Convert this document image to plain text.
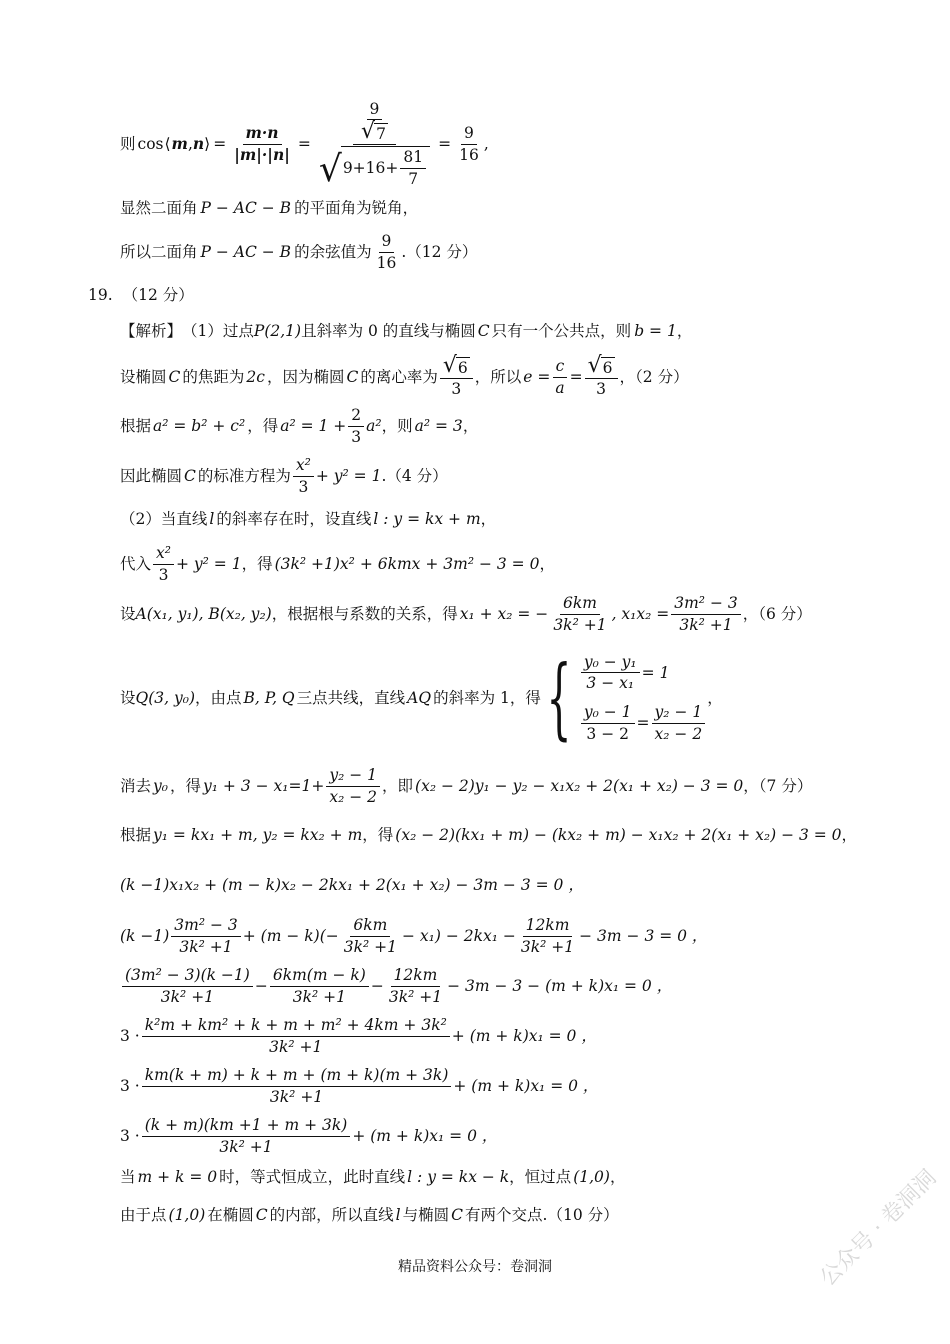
则 cos ⟨ m , n ⟩ = $\frac{m\cdot n}{|m|\cdot|n|} = \frac{\frac{9}{√ 7}}{√ 9+16+ \frac{81}{7}} = \frac{9}{16}$ ,
显然二面角 P − AC − B 的平面角为锐角，
所以二面角 P − AC − B 的余弦值为 $\frac{9}{16} .(12$ 分）
19. （12 分）
【解析】 （1）过点 P(2,1) 且斜率为 0 的直线与椭圆 C 只有一个公共点，则 b = 1 ，
设椭圆 C 的焦距为 2c ，因为椭圆 C 的离心率为 $\frac{√ 6}{3}$ ，所以 $e = \frac{c}{a} = \frac{√ 6}{3}$ ，（2 分）
根据 a² = b² + c² ，得 $a^2 = 1 + \frac{2}{3} a^2$ ，则 a² = 3 ，
因此椭圆 C 的标准方程为 $\frac{\text{x²}}{3} + y^2 = 1$ .（4 分）
（2）当直线 l 的斜率存在时，设直线 l : y = kx + m ，
代入 $\frac{\text{x²}}{3} + y^2 = 1$ ，得 (3k² +1)x² + 6kmx + 3m² − 3 = 0 ，
设 A(x₁, y₁), B(x₂, y₂) ，根据根与系数的关系，得 x₁ + x₂ = − $\frac{6km}{\text{3k² +1}}$ , $x_1x_2 = \frac{\text{3m² − 3}}{\text{3k² +1}}$ ，（6 分）
设 Q(3, y₀) ，由点 B, P, Q 三点共线，直线 AQ 的斜率为 1，得 { $\frac{\text{y₀ − y₁}}{\text{3 − x₁}} = 1$
$\frac{\text{y₀ − 1}}{3 - 2} = \frac{\text{y₂ − 1}}{\text{x₂ − 2}}$
，
消去 y₀ ，得 $y_1 + 3 - x_1=1+ \frac{\text{y₂ − 1}}{\text{x₂ − 2}}$ ，即 (x₂ − 2)y₁ − y₂ − x₁x₂ + 2(x₁ + x₂) − 3 = 0 ，（7 分）
根据 y₁ = kx₁ + m, y₂ = kx₂ + m ，得 (x₂ − 2)(kx₁ + m) − (kx₂ + m) − x₁x₂ + 2(x₁ + x₂) − 3 = 0 ，
(k −1)x₁x₂ + (m − k)x₂ − 2kx₁ + 2(x₁ + x₂) − 3m − 3 = 0 ，
$(k -1) \frac{\text{3m² − 3}}{\text{3k² +1}} + (m - k)(- \frac{6km}{\text{3k² +1}} - x_1) - 2kx_1 - \frac{12km}{\text{3k² +1}} - 3m - 3 = 0$ ，
$\frac{\text{(3m² − 3)(k −1)}}{\text{3k² +1}} - \frac{6km(m - k)}{\text{3k² +1}} - \frac{12km}{\text{3k² +1}} - 3m - 3 - (m + k)x_1 = 0$ ，
$3 \cdot \frac{\text{k²m + km² + k + m + m² + 4km + 3k²}}{\text{3k² +1}} + (m + k)x_1 = 0$ ，
$3 \cdot \frac{km(k + m) + k + m + (m + k)(m + 3k)}{\text{3k² +1}} + (m + k)x_1 = 0$ ，
$3 \cdot \frac{(k + m)(km +1 + m + 3k)}{\text{3k² +1}} + (m + k)x_1 = 0$ ，
当 m + k = 0 时，等式恒成立，此时直线 l : y = kx − k ，恒过点 (1,0) ，
由于点 (1,0) 在椭圆 C 的内部，所以直线 l 与椭圆 C 有两个交点.（10 分）
精品资料公众号：卷洞洞	公众号 · 卷洞洞
